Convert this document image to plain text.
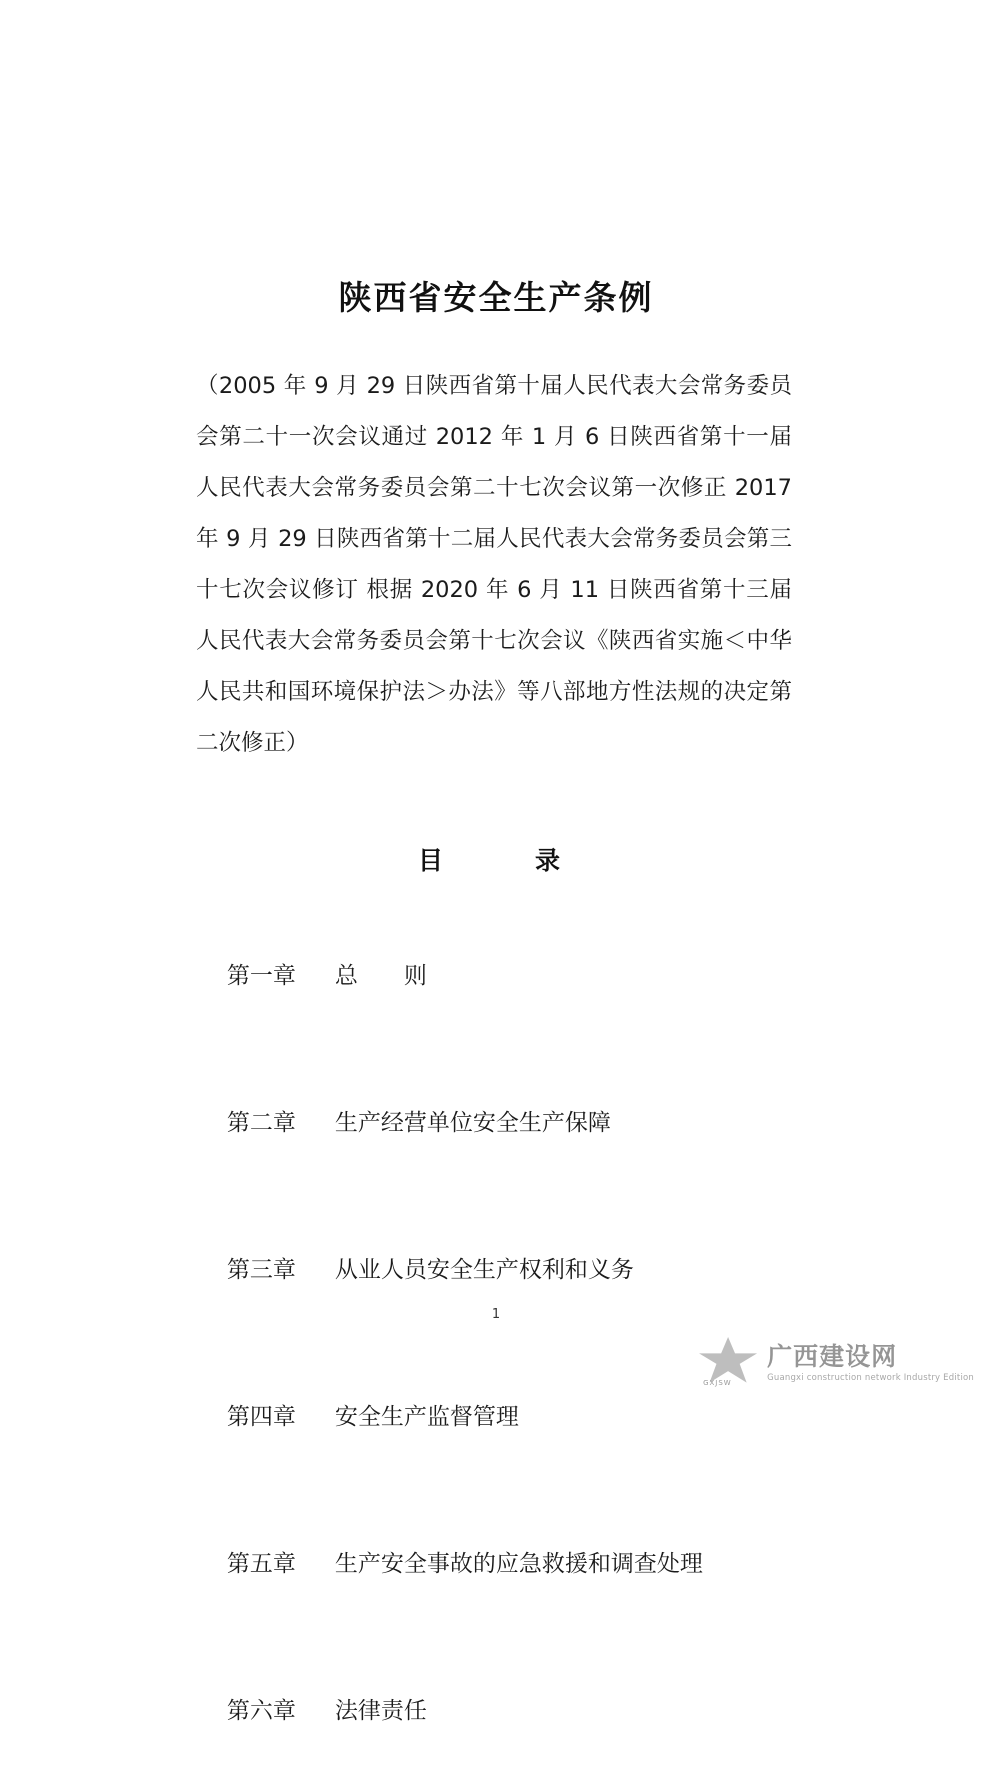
陕西省安全生产条例

（2005 年 9 月 29 日陕西省第十届人民代表大会常务委员会第二十一次会议通过 2012 年 1 月 6 日陕西省第十一届人民代表大会常务委员会第二十七次会议第一次修正 2017 年 9 月 29 日陕西省第十二届人民代表大会常务委员会第三十七次会议修订 根据 2020 年 6 月 11 日陕西省第十三届人民代表大会常务委员会第十七次会议《陕西省实施＜中华人民共和国环境保护法＞办法》等八部地方性法规的决定第二次修正）

目　　录

第一章 总　　则

第二章 生产经营单位安全生产保障

第三章 从业人员安全生产权利和义务

第四章 安全生产监督管理

第五章 生产安全事故的应急救援和调查处理

第六章 法律责任

1
GXJSW
广西建设网
Guangxi construction network Industry Edition
